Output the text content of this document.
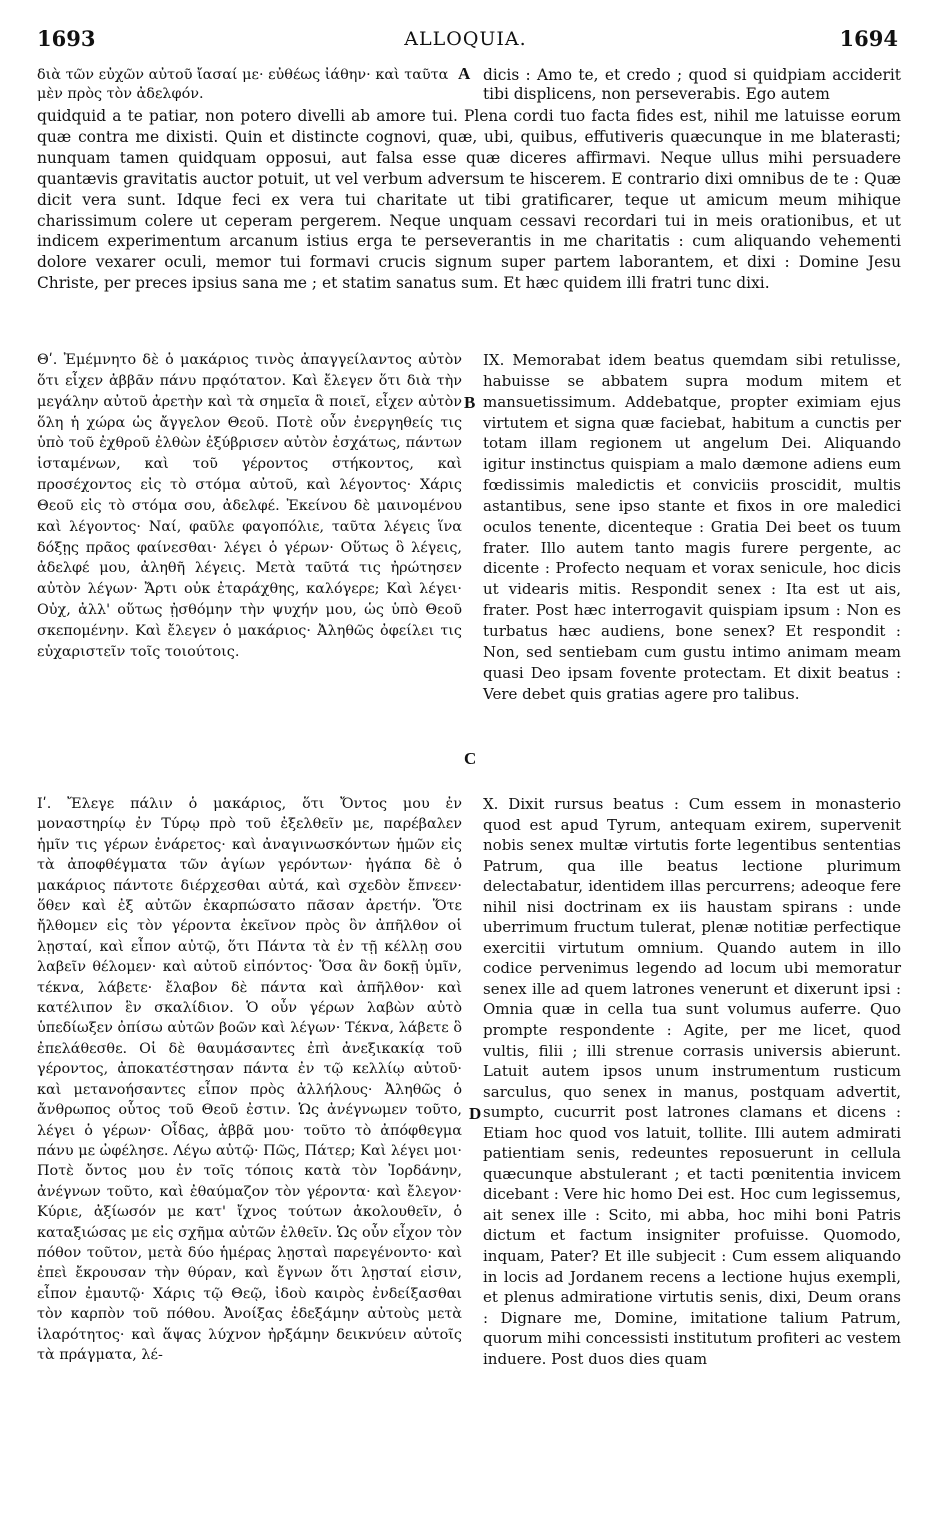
1693	ALLOQUIA.	1694
διὰ τῶν εὐχῶν αὐτοῦ ἴασαί με· εὐθέως ἰάθην· καὶ ταῦτα μὲν πρὸς τὸν ἀδελφόν.
A dicis : Amo te, et credo ; quod si quidpiam acciderit tibi displicens, non perseverabis. Ego autem
quidquid a te patiar, non potero divelli ab amore tui. Plena cordi tuo facta fides est, nihil me latuisse eorum quæ contra me dixisti. Quin et distincte cognovi, quæ, ubi, quibus, effutiveris quæcunque in me blaterasti; nunquam tamen quidquam opposui, aut falsa esse quæ diceres affirmavi. Neque ullus mihi persuadere quantævis gravitatis auctor potuit, ut vel verbum adversum te hiscerem. E contrario dixi omnibus de te : Quæ dicit vera sunt. Idque feci ex vera tui charitate ut tibi gratificarer, teque ut amicum meum mihique charissimum colere ut ceperam pergerem. Neque unquam cessavi recordari tui in meis orationibus, et ut indicem experimentum arcanum istius erga te perseverantis in me charitatis : cum aliquando vehementi dolore vexarer oculi, memor tui formavi crucis signum super partem laborantem, et dixi : Domine Jesu Christe, per preces ipsius sana me ; et statim sanatus sum. Et hæc quidem illi fratri tunc dixi.

Θʹ. Ἐμέμνητο δὲ ὁ μακάριος τινὸς ἀπαγγείλαντος αὐτὸν ὅτι εἶχεν ἀββᾶν πάνυ πρᾳότατον. Καὶ ἔλεγεν ὅτι διὰ τὴν μεγάλην αὐτοῦ ἀρετὴν καὶ τὰ σημεῖα ἃ ποιεῖ, εἶχεν αὐτὸν ὅλη ἡ χώρα ὡς ἄγγελον Θεοῦ. Ποτὲ οὖν ἐνεργηθείς τις ὑπὸ τοῦ ἐχθροῦ ἐλθὼν ἐξύβρισεν αὐτὸν ἐσχάτως, πάντων ἱσταμένων, καὶ τοῦ γέροντος στήκοντος, καὶ προσέχοντος εἰς τὸ στόμα αὐτοῦ, καὶ λέγοντος· Χάρις Θεοῦ εἰς τὸ στόμα σου, ἀδελφέ. Ἐκείνου δὲ μαινομένου καὶ λέγοντος· Ναί, φαῦλε φαγοπόλιε, ταῦτα λέγεις ἵνα δόξῃς πρᾶος φαίνεσθαι· λέγει ὁ γέρων· Οὕτως ὃ λέγεις, ἀδελφέ μου, ἀληθῆ λέγεις. Μετὰ ταῦτά τις ἠρώτησεν αὐτὸν λέγων· Ἄρτι οὐκ ἐταράχθης, καλόγερε; Καὶ λέγει· Οὐχ, ἀλλ' οὕτως ᾐσθόμην τὴν ψυχήν μου, ὡς ὑπὸ Θεοῦ σκεπομένην. Καὶ ἔλεγεν ὁ μακάριος· Ἀληθῶς ὀφείλει τις εὐχαριστεῖν τοῖς τοιούτοις.

B

IX. Memorabat idem beatus quemdam sibi retulisse, habuisse se abbatem supra modum mitem et mansuetissimum. Addebatque, propter eximiam ejus virtutem et signa quæ faciebat, habitum a cunctis per totam illam regionem ut angelum Dei. Aliquando igitur instinctus quispiam a malo dæmone adiens eum fœdissimis maledictis et conviciis proscidit, multis astantibus, sene ipso stante et fixos in ore maledici oculos tenente, dicenteque : Gratia Dei beet os tuum frater. Illo autem tanto magis furere pergente, ac dicente : Profecto nequam et vorax senicule, hoc dicis ut videaris mitis. Respondit senex : Ita est ut ais, frater. Post hæc interrogavit quispiam ipsum : Non es turbatus hæc audiens, bone senex? Et respondit : Non, sed sentiebam cum gustu intimo animam meam quasi Deo ipsam fovente protectam. Et dixit beatus : Vere debet quis gratias agere pro talibus.

C

Ιʹ. Ἔλεγε πάλιν ὁ μακάριος, ὅτι Ὄντος μου ἐν μοναστηρίῳ ἐν Τύρῳ πρὸ τοῦ ἐξελθεῖν με, παρέβαλεν ἡμῖν τις γέρων ἐνάρετος· καὶ ἀναγινωσκόντων ἡμῶν εἰς τὰ ἀποφθέγματα τῶν ἁγίων γερόντων· ἠγάπα δὲ ὁ μακάριος πάντοτε διέρχεσθαι αὐτά, καὶ σχεδὸν ἔπνεεν· ὅθεν καὶ ἐξ αὐτῶν ἐκαρπώσατο πᾶσαν ἀρετήν. Ὅτε ἤλθομεν εἰς τὸν γέροντα ἐκεῖνον πρὸς ὃν ἀπῆλθον οἱ λῃσταί, καὶ εἶπον αὐτῷ, ὅτι Πάντα τὰ ἐν τῇ κέλλῃ σου λαβεῖν θέλομεν· καὶ αὐτοῦ εἰπόντος· Ὅσα ἂν δοκῇ ὑμῖν, τέκνα, λάβετε· ἔλαβον δὲ πάντα καὶ ἀπῆλθον· καὶ κατέλιπον ἓν σκαλίδιον. Ὁ οὖν γέρων λαβὼν αὐτὸ ὑπεδίωξεν ὀπίσω αὐτῶν βοῶν καὶ λέγων· Τέκνα, λάβετε ὃ ἐπελάθεσθε. Οἱ δὲ θαυμάσαντες ἐπὶ ἀνεξικακίᾳ τοῦ γέροντος, ἀποκατέστησαν πάντα ἐν τῷ κελλίῳ αὐτοῦ· καὶ μετανοήσαντες εἶπον πρὸς ἀλλήλους· Ἀληθῶς ὁ ἄνθρωπος οὗτος τοῦ Θεοῦ ἐστιν. Ὡς ἀνέγνωμεν τοῦτο, λέγει ὁ γέρων· Οἶδας, ἀββᾶ μου· τοῦτο τὸ ἀπόφθεγμα πάνυ με ὠφέλησε. Λέγω αὐτῷ· Πῶς, Πάτερ; Καὶ λέγει μοι· Ποτὲ ὄντος μου ἐν τοῖς τόποις κατὰ τὸν Ἰορδάνην, ἀνέγνων τοῦτο, καὶ ἐθαύμαζον τὸν γέροντα· καὶ ἔλεγον· Κύριε, ἀξίωσόν με κατ' ἴχνος τούτων ἀκολουθεῖν, ὁ καταξιώσας με εἰς σχῆμα αὐτῶν ἐλθεῖν. Ὡς οὖν εἶχον τὸν πόθον τοῦτον, μετὰ δύο ἡμέρας λῃσταὶ παρεγένοντο· καὶ ἐπεὶ ἔκρουσαν τὴν θύραν, καὶ ἔγνων ὅτι λῃσταί εἰσιν, εἶπον ἐμαυτῷ· Χάρις τῷ Θεῷ, ἰδοὺ καιρὸς ἐνδείξασθαι τὸν καρπὸν τοῦ πόθου. Ἀνοίξας ἐδεξάμην αὐτοὺς μετὰ ἱλαρότητος· καὶ ἅψας λύχνον ἠρξάμην δεικνύειν αὐτοῖς τὰ πράγματα, λέ-

D

X. Dixit rursus beatus : Cum essem in monasterio quod est apud Tyrum, antequam exirem, supervenit nobis senex multæ virtutis forte legentibus sententias Patrum, qua ille beatus lectione plurimum delectabatur, identidem illas percurrens; adeoque fere nihil nisi doctrinam ex iis haustam spirans : unde uberrimum fructum tulerat, plenæ notitiæ perfectique exercitii virtutum omnium. Quando autem in illo codice pervenimus legendo ad locum ubi memoratur senex ille ad quem latrones venerunt et dixerunt ipsi : Omnia quæ in cella tua sunt volumus auferre. Quo prompte respondente : Agite, per me licet, quod vultis, filii ; illi strenue corrasis universis abierunt. Latuit autem ipsos unum instrumentum rusticum sarculus, quo senex in manus, postquam advertit, sumpto, cucurrit post latrones clamans et dicens : Etiam hoc quod vos latuit, tollite. Illi autem admirati patientiam senis, redeuntes reposuerunt in cellula quæcunque abstulerant ; et tacti pœnitentia invicem dicebant : Vere hic homo Dei est. Hoc cum legissemus, ait senex ille : Scito, mi abba, hoc mihi boni Patris dictum et factum insigniter profuisse. Quomodo, inquam, Pater? Et ille subjecit : Cum essem aliquando in locis ad Jordanem recens a lectione hujus exempli, et plenus admiratione virtutis senis, dixi, Deum orans : Dignare me, Domine, imitatione talium Patrum, quorum mihi concessisti institutum profiteri ac vestem induere. Post duos dies quam
